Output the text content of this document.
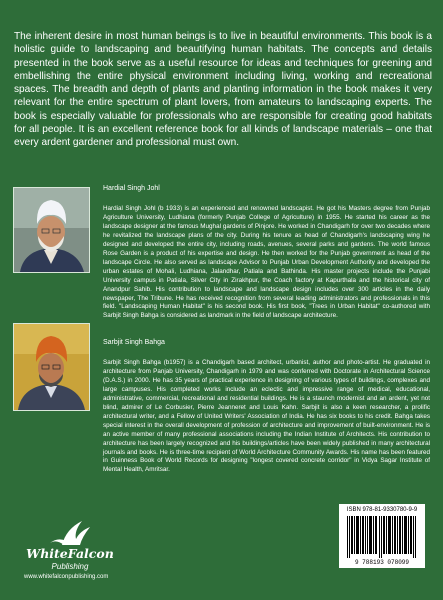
The inherent desire in most human beings is to live in beautiful environments. This book is a holistic guide to landscaping and beautifying human habitats. The concepts and details presented in the book serve as a useful resource for ideas and techniques for greening and embellishing the entire physical environment including living, working and recreational spaces. The breadth and depth of plants and planting information in the book makes it very relevant for the entire spectrum of plant lovers, from amateurs to landscaping experts. The book is especially valuable for professionals who are responsible for creating good habitats for all people. It is an excellent reference book for all kinds of landscape materials – one that every ardent gardener and professional must own.

Hardial Singh Johl

Hardial Singh Johl (b 1933) is an experienced and renowned landscapist. He got his Masters degree from Punjab Agriculture University, Ludhiana (formerly Punjab College of Agriculture) in 1955. He started his career as the landscape designer at the famous Mughal gardens of Pinjore. He worked in Chandigarh for over two decades where he revitalized the landscape plans of the city. During his tenure as head of Chandigarh's landscaping wing he designed and developed the entire city, including roads, avenues, several parks and gardens. The world famous Rose Garden is a product of his expertise and design. He then worked for the Punjab government as head of the landscape Circle. He also served as landscape Advisor to Punjab Urban Development Authority and developed the urban estates of Mohali, Ludhiana, Jalandhar, Patiala and Bathinda. His master projects include the Punjabi University campus in Patiala, Silver City in Zirakhpur, the Coach factory at Kapurthala and the historical city of Anandpur Sahib. His contribution to landscape and landscape design includes over 300 articles in the daily newspaper, The Tribune. He has received recognition from several leading administrators and professionals in this field. "Landscaping Human Habitat" is his second book. His first book, "Trees in Urban Habitat" co-authored with Sarbjit Singh Bahga is considered as landmark in the field of landscape architecture.

Sarbjit Singh Bahga

Sarbjit Singh Bahga (b1957) is a Chandigarh based architect, urbanist, author and photo-artist. He graduated in architecture from Panjab University, Chandigarh in 1979 and was conferred with Doctorate in Architectural Science (D.A.S.) in 2000. He has 35 years of practical experience in designing of various types of buildings, complexes and large campuses. His completed works include an eclectic and impressive range of medical, educational, administrative, commercial, recreational and residential buildings. He is a staunch modernist and an ardent, yet not blind, admirer of Le Corbusier, Pierre Jeanneret and Louis Kahn. Sarbjit is also a keen researcher, a prolific architectural writer, and a Fellow of United Writers' Association of India. He has six books to his credit. Bahga takes special interest in the overall development of profession of architecture and improvement of built-environment. He is an active member of many professional associations including the Indian Institute of Architects. His contribution to architecture has been largely recognized and his buildings/articles have been widely published in many architectural journals and books. He is three-time recipient of World Architecture Community Awards. His name has been featured in Guinness Book of World Records for designing "longest covered concrete corridor" in Vidya Sagar Institute of Mental Health, Amritsar.

WhiteFalcon
Publishing
www.whitefalconpublishing.com
ISBN 978-81-9330780-9-9
9 788193 078099
